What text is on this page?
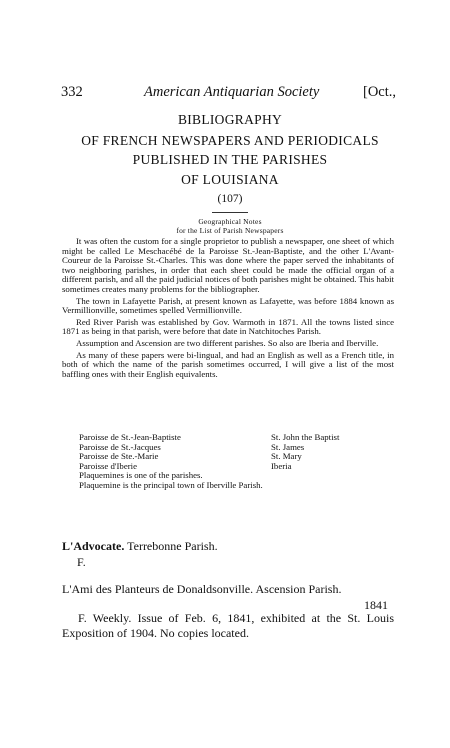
332	American Antiquarian Society	[Oct.,
BIBLIOGRAPHY
OF FRENCH NEWSPAPERS AND PERIODICALS
PUBLISHED IN THE PARISHES
OF LOUISIANA
(107)
Geographical Notes
for the List of Parish Newspapers

It was often the custom for a single proprietor to publish a newspaper, one sheet of which might be called Le Meschacébé de la Paroisse St.-Jean-Baptiste, and the other L'Avant-Coureur de la Paroisse St.-Charles. This was done where the paper served the inhabitants of two neighboring parishes, in order that each sheet could be made the official organ of a different parish, and all the paid judicial notices of both parishes might be obtained. This habit sometimes creates many problems for the bibliographer.

The town in Lafayette Parish, at present known as Lafayette, was before 1884 known as Vermillionville, sometimes spelled Vermillionville.

Red River Parish was established by Gov. Warmoth in 1871. All the towns listed since 1871 as being in that parish, were before that date in Natchitoches Parish.

Assumption and Ascension are two different parishes. So also are Iberia and Iberville.

As many of these papers were bi-lingual, and had an English as well as a French title, in both of which the name of the parish sometimes occurred, I will give a list of the most baffling ones with their English equivalents.

Paroisse de St.-Jean-Baptiste	St. John the Baptist
Paroisse de St.-Jacques	St. James
Paroisse de Ste.-Marie	St. Mary
Paroisse d'Iberie	Iberia

Plaquemines is one of the parishes.

Plaquemine is the principal town of Iberville Parish.

L'Advocate. Terrebonne Parish.
F.
L'Ami des Planteurs de Donaldsonville. Ascension Parish.
1841

F. Weekly. Issue of Feb. 6, 1841, exhibited at the St. Louis Exposition of 1904. No copies located.
